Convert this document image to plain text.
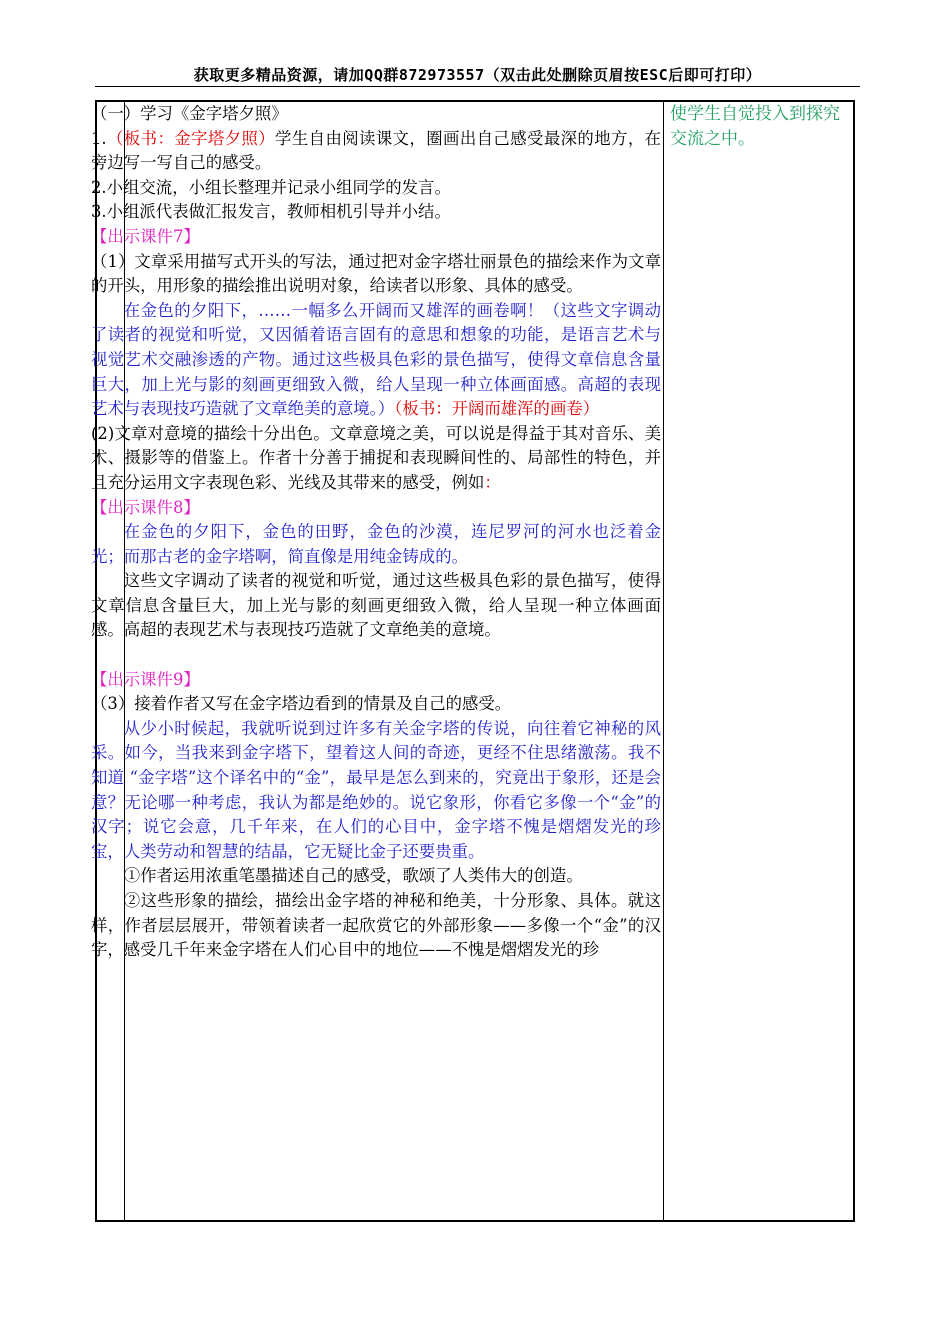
获取更多精品资源，请加QQ群872973557（双击此处删除页眉按ESC后即可打印）

（一）学习《金字塔夕照》

1.（板书：金字塔夕照）学生自由阅读课文，圈画出自己感受最深的地方，在旁边写一写自己的感受。

2.小组交流，小组长整理并记录小组同学的发言。

3.小组派代表做汇报发言，教师相机引导并小结。

【出示课件7】

（1）文章采用描写式开头的写法，通过把对金字塔壮丽景色的描绘来作为文章的开头，用形象的描绘推出说明对象，给读者以形象、具体的感受。

在金色的夕阳下，……一幅多么开阔而又雄浑的画卷啊！（这些文字调动了读者的视觉和听觉，又因循着语言固有的意思和想象的功能，是语言艺术与视觉艺术交融渗透的产物。通过这些极具色彩的景色描写，使得文章信息含量巨大，加上光与影的刻画更细致入微，给人呈现一种立体画面感。高超的表现艺术与表现技巧造就了文章绝美的意境。）（板书：开阔而雄浑的画卷）

(2)文章对意境的描绘十分出色。文章意境之美，可以说是得益于其对音乐、美术、摄影等的借鉴上。作者十分善于捕捉和表现瞬间性的、局部性的特色，并且充分运用文字表现色彩、光线及其带来的感受，例如：

【出示课件8】

在金色的夕阳下，金色的田野，金色的沙漠，连尼罗河的河水也泛着金光；而那古老的金字塔啊，简直像是用纯金铸成的。

这些文字调动了读者的视觉和听觉，通过这些极具色彩的景色描写，使得文章信息含量巨大，加上光与影的刻画更细致入微，给人呈现一种立体画面感。高超的表现艺术与表现技巧造就了文章绝美的意境。

【出示课件9】

（3）接着作者又写在金字塔边看到的情景及自己的感受。

从少小时候起，我就听说到过许多有关金字塔的传说，向往着它神秘的风采。如今，当我来到金字塔下，望着这人间的奇迹，更经不住思绪激荡。我不知道 “金字塔”这个译名中的“金”，最早是怎么到来的，究竟出于象形，还是会意？无论哪一种考虑，我认为都是绝妙的。说它象形，你看它多像一个“金”的汉字；说它会意，几千年来，在人们的心目中，金字塔不愧是熠熠发光的珍宝，人类劳动和智慧的结晶，它无疑比金子还要贵重。

①作者运用浓重笔墨描述自己的感受，歌颂了人类伟大的创造。

②这些形象的描绘，描绘出金字塔的神秘和绝美，十分形象、具体。就这样，作者层层展开，带领着读者一起欣赏它的外部形象——多像一个“金”的汉字，感受几千年来金字塔在人们心目中的地位——不愧是熠熠发光的珍

使学生自觉投入到探究交流之中。
